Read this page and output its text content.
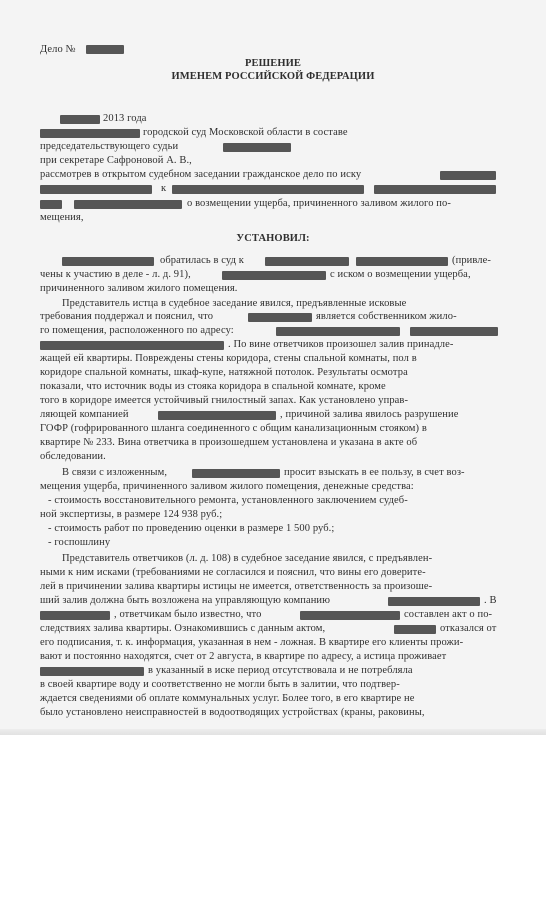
Дело №
РЕШЕНИЕ
ИМЕНЕМ РОССИЙСКОЙ ФЕДЕРАЦИИ
2013 года
городской суд Московской области в составе
председательствующего судьи
при секретаре Сафроновой А. В.,
рассмотрев в открытом судебном заседании гражданское дело по иску
к
о возмещении ущерба, причиненного заливом жилого по-
мещения,
УСТАНОВИЛ:
обратилась в суд к	(привле-
чены к участию в деле - л. д. 91),	с иском о возмещении ущерба,
причиненного заливом жилого помещения.
Представитель истца в судебное заседание явился, предъявленные исковые
требования поддержал и пояснил, что	является собственником жило-
го помещения, расположенного по адресу:
. По вине ответчиков произошел залив принадле-
жащей ей квартиры. Повреждены стены коридора, стены спальной комнаты, пол в
коридоре спальной комнаты, шкаф-купе, натяжной потолок. Результаты осмотра
показали, что источник воды из стояка коридора в спальной комнате, кроме
того в коридоре имеется устойчивый гнилостный запах. Как установлено управ-
ляющей компанией	, причиной залива явилось разрушение
ГОФР (гофрированного шланга соединенного с общим канализационным стояком) в
квартире № 233. Вина ответчика в произошедшем установлена и указана в акте об
обследовании.
В связи с изложенным,	просит взыскать в ее пользу, в счет воз-
мещения ущерба, причиненного заливом жилого помещения, денежные средства:
- стоимость восстановительного ремонта, установленного заключением судеб-
ной экспертизы, в размере 124 938 руб.;
- стоимость работ по проведению оценки в размере 1 500 руб.;
- госпошлину
Представитель ответчиков (л. д. 108) в судебное заседание явился, с предъявлен-
ными к ним исками (требованиями не согласился и пояснил, что вины его доверите-
лей в причинении залива квартиры истицы не имеется, ответственность за произоше-
ший залив должна быть возложена на управляющую компанию	. В
, ответчикам было известно, что	составлен акт о по-
следствиях залива квартиры. Ознакомившись с данным актом,	отказался от
его подписания, т. к. информация, указанная в нем - ложная. В квартире его клиенты прожи-
вают и постоянно находятся, счет от 2 августа, в квартире по адресу, а истица проживает
в указанный в иске период отсутствовала и не потребляла
в своей квартире воду и соответственно не могли быть в залитии, что подтвер-
ждается сведениями об оплате коммунальных услуг. Более того, в его квартире не
было установлено неисправностей в водоотводящих устройствах (краны, раковины,
